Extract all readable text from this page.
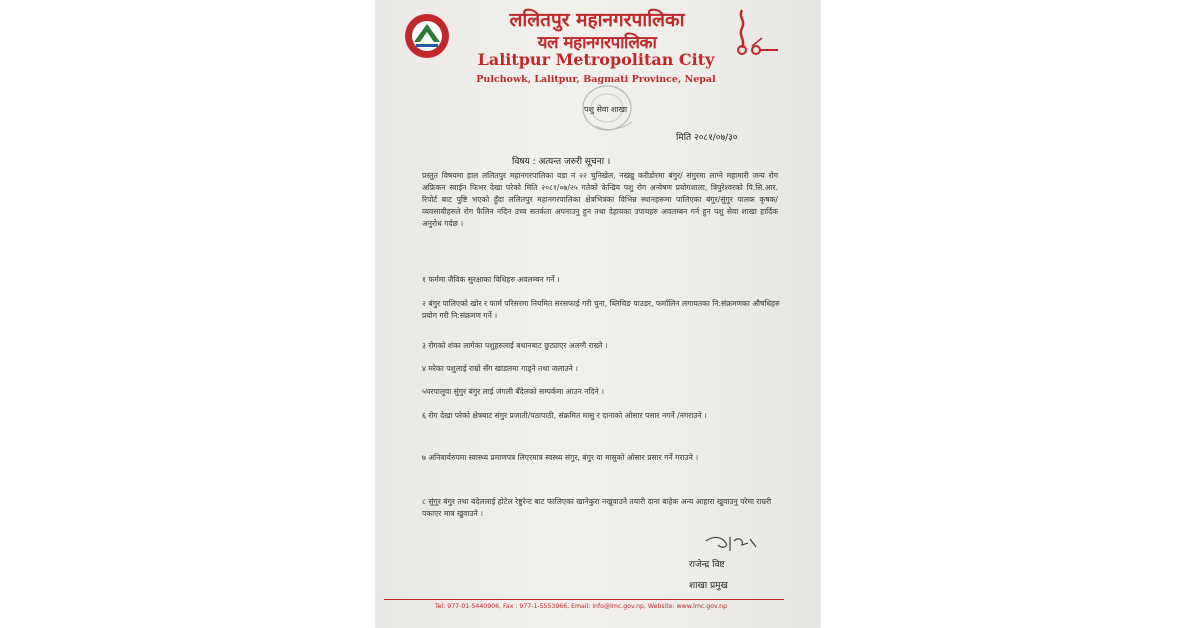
ललितपुर महानगरपालिका
यल महानगरपालिका
Lalitpur Metropolitan City
Pulchowk, Lalitpur, Bagmati Province, Nepal
पशु सेवा शाखा
मिति २०८१/०७/३०
विषय : अत्यन्त जरुरी सूचना ।
प्रस्तुत विषयमा हाल ललितपुर महानगरपालिका वडा नं २२ चुनिखेल, नख्खु करीडोरमा बंगुर/ संगुरमा लाग्ने महामारी जन्य रोग अफ्रिकन स्वाईन फिभर देखा परेको मिति २०८१/०७/२५ गतेको केन्द्रिय पशु रोग अन्वेषण प्रयोगशाला, त्रिपुरेश्वरको पि.सि.आर. रिपोर्ट बाट पुष्टि भएको हुँदा ललितपुर महानगरपालिका क्षेत्रभित्रका विभिन्न स्थानहरूमा पालिएका बंगुर/सुंगुर पालक कृषक/ व्यवसायीहरुले रोग फैलिन नदिन उच्च सतर्कता अपनाउनु हुन तथा देहायका उपायहरु अवलम्बन गर्न हुन पशु सेवा शाखा हार्दिक अनुरोध गर्दछ ।
१ फर्ममा जैविक सुरक्षाका विधिहरु अवलम्बन गर्ने ।
२ बंगुर पालिएको खोर र फार्म परिसरमा नियमित सरसफाई गरी चुना, ब्लिचिङ पाउडर, फर्मालिन लगायतका नि:संक्रमणका औषधिहरु प्रयोग गरी नि:संक्रमण गर्ने ।
३ रोगको शंका लागेका पशुहरुलाई बथानबाट छुट्याएर अलग्गै राख्ने ।
४ मरेका पशुलाई राम्रो सँग खाडलमा गाड्ने तथा जलाउने ।
५घरपालुवा सुंगुर बंगुर लाई जंगली बँदेलको सम्पर्कमा आउन नदिने ।
६ रोग देखा परेको क्षेत्रबाट संगुर प्रजाती/पठापाठी, संक्रमित मासु र दानाको ओसार पसार नगर्ने /नगराउने ।
७ अनिवार्यरुपमा स्वास्थ्य प्रमाणपत्र लिएरमात्र स्वस्थ्य संगुर, बंगुर वा मासुको ओसार प्रसार गर्ने गराउने ।
८ सुंगुर बंगुर तथा बदेललाई होटेल रेष्टुरेन्ट बाट फालिएका खानेकुरा नखुवाउने तयारी दाना बाहेक अन्य आहारा खुवाउनु परेमा राम्ररी पकाएर मात्र खुवाउने ।
राजेन्द्र विष्ट
शाखा प्रमुख
Tel: 977-01-5440906, Fax : 977-1-5553966, Email: info@lmc.gov.np, Website: www.lmc.gov.np
